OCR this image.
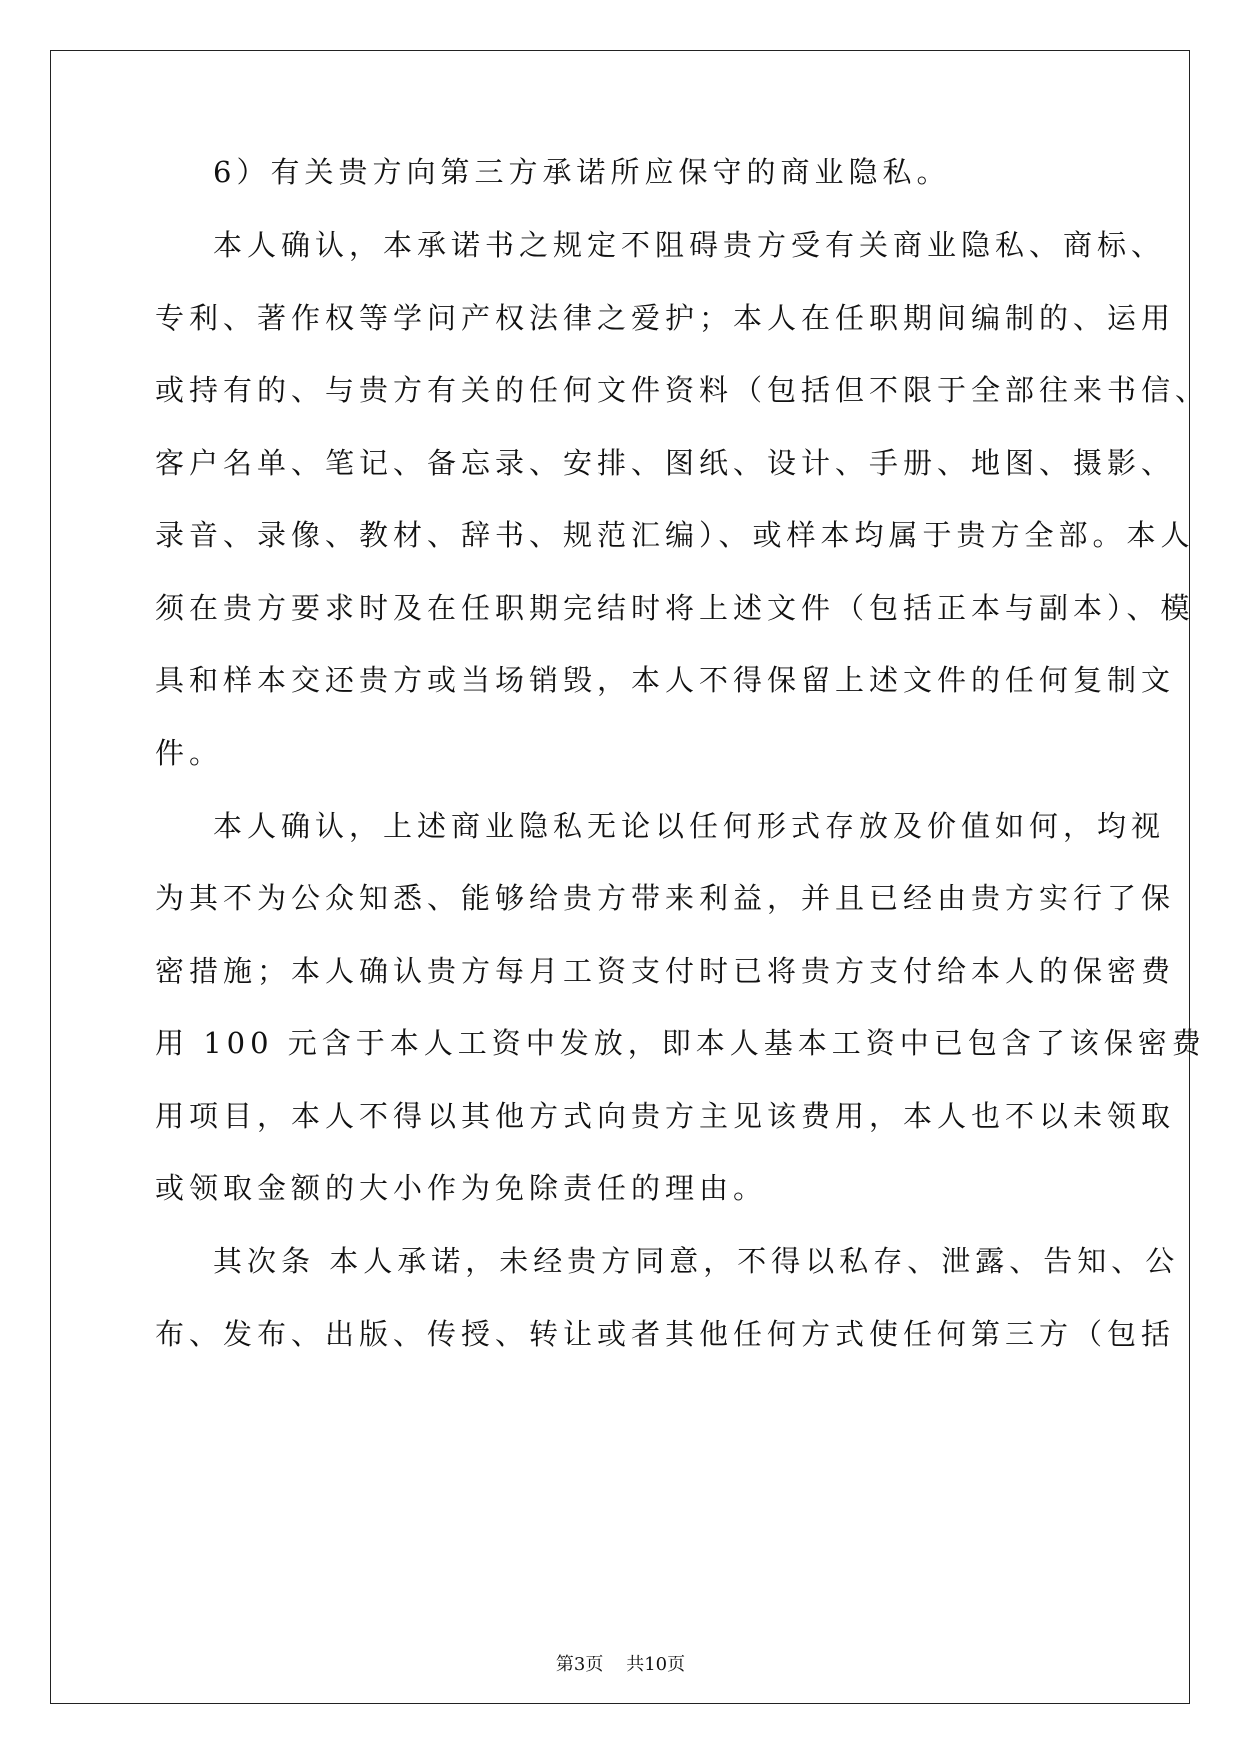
6）有关贵方向第三方承诺所应保守的商业隐私。
本人确认，本承诺书之规定不阻碍贵方受有关商业隐私、商标、
专利、著作权等学问产权法律之爱护；本人在任职期间编制的、运用
或持有的、与贵方有关的任何文件资料（包括但不限于全部往来书信、
客户名单、笔记、备忘录、安排、图纸、设计、手册、地图、摄影、
录音、录像、教材、辞书、规范汇编）、或样本均属于贵方全部。本人
须在贵方要求时及在任职期完结时将上述文件（包括正本与副本）、模
具和样本交还贵方或当场销毁，本人不得保留上述文件的任何复制文
件。
本人确认，上述商业隐私无论以任何形式存放及价值如何，均视
为其不为公众知悉、能够给贵方带来利益，并且已经由贵方实行了保
密措施；本人确认贵方每月工资支付时已将贵方支付给本人的保密费
用 100 元含于本人工资中发放，即本人基本工资中已包含了该保密费
用项目，本人不得以其他方式向贵方主见该费用，本人也不以未领取
或领取金额的大小作为免除责任的理由。
其次条 本人承诺，未经贵方同意，不得以私存、泄露、告知、公
布、发布、出版、传授、转让或者其他任何方式使任何第三方（包括
第3页    共10页
